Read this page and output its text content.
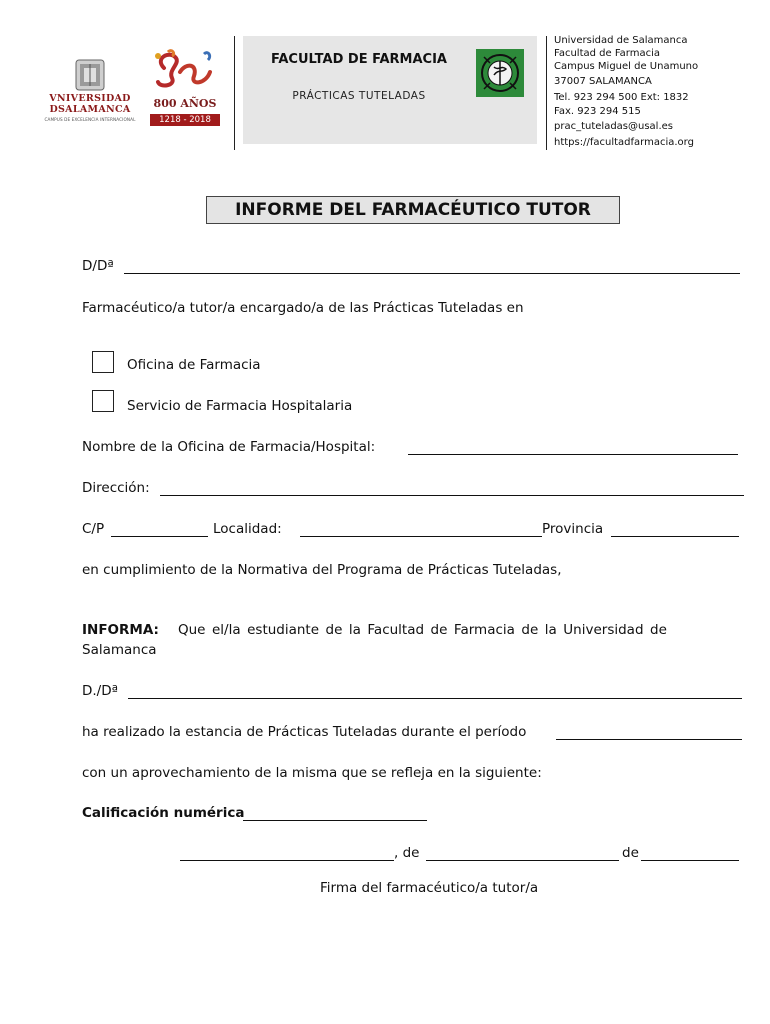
VNIVERSIDAD
DSALAMANCA
CAMPUS DE EXCELENCIA INTERNACIONAL
800 AÑOS
1218 - 2018
FACULTAD DE FARMACIA
PRÁCTICAS TUTELADAS
Universidad de Salamanca
Facultad de Farmacia
Campus Miguel de Unamuno
37007 SALAMANCA
Tel. 923 294 500 Ext: 1832
Fax. 923 294 515
prac_tuteladas@usal.es
https://facultadfarmacia.org
INFORME DEL FARMACÉUTICO TUTOR
D/Dª
Farmacéutico/a tutor/a encargado/a de las Prácticas Tuteladas en
Oficina de Farmacia
Servicio de Farmacia Hospitalaria
Nombre de la Oficina de Farmacia/Hospital:
Dirección:
C/P	Localidad:	Provincia
en cumplimiento de la Normativa del Programa de Prácticas Tuteladas,
INFORMA: Que el/la estudiante de la Facultad de Farmacia de la Universidad de
Salamanca
D./Dª
ha realizado la estancia de Prácticas Tuteladas durante el período
con un aprovechamiento de la misma que se refleja en la siguiente:
Calificación numérica
, de	de
Firma del farmacéutico/a tutor/a
